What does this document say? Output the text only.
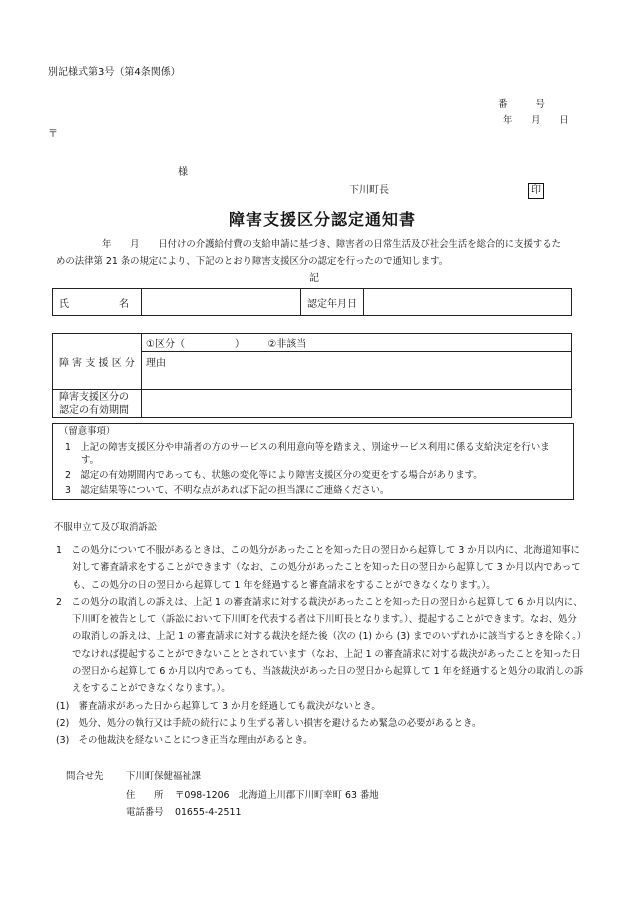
別記様式第3号（第4条関係）
番　　　号
年　　月　　日
〒
様
下川町長	印
障害支援区分認定通知書
年　　月　　日付けの介護給付費の支給申請に基づき、障害者の日常生活及び社会生活を総合的に支援するた
めの法律第 21 条の規定により、下記のとおり障害支援区分の認定を行ったので通知します。
記
氏　　　　　名		認定年月日	
障 害 支 援 区 分	①区分（　　　　　） ②非該当
	理由

障害支援区分の
認定の有効期間	

（留意事項）
1　上記の障害支援区分や申請者の方のサービスの利用意向等を踏まえ、別途サービス利用に係る支給決定を行いま
す。
2　認定の有効期間内であっても、状態の変化等により障害支援区分の変更をする場合があります。
3　認定結果等について、不明な点があれば下記の担当課にご連絡ください。
不服申立て及び取消訴訟

1　この処分について不服があるときは、この処分があったことを知った日の翌日から起算して 3 か月以内に、北海道知事に対して審査請求をすることができます（なお、この処分があったことを知った日の翌日から起算して 3 か月以内であっても、この処分の日の翌日から起算して 1 年を経過すると審査請求をすることができなくなります。）。

2　この処分の取消しの訴えは、上記 1 の審査請求に対する裁決があったことを知った日の翌日から起算して 6 か月以内に、下川町を被告として（訴訟において下川町を代表する者は下川町長となります。）、提起することができます。なお、処分の取消しの訴えは、上記 1 の審査請求に対する裁決を経た後（次の (1) から (3) までのいずれかに該当するときを除く。）でなければ提起することができないこととされています（なお、上記 1 の審査請求に対する裁決があったことを知った日の翌日から起算して 6 か月以内であっても、当該裁決があった日の翌日から起算して 1 年を経過すると処分の取消しの訴えをすることができなくなります。）。

(1)　審査請求があった日から起算して 3 か月を経過しても裁決がないとき。

(2)　処分、処分の執行又は手続の続行により生ずる著しい損害を避けるため緊急の必要があるとき。

(3)　その他裁決を経ないことにつき正当な理由があるとき。

問合せ先 下川町保健福祉課
住　　所 〒098-1206　北海道上川郡下川町幸町 63 番地
電話番号 01655-4-2511
